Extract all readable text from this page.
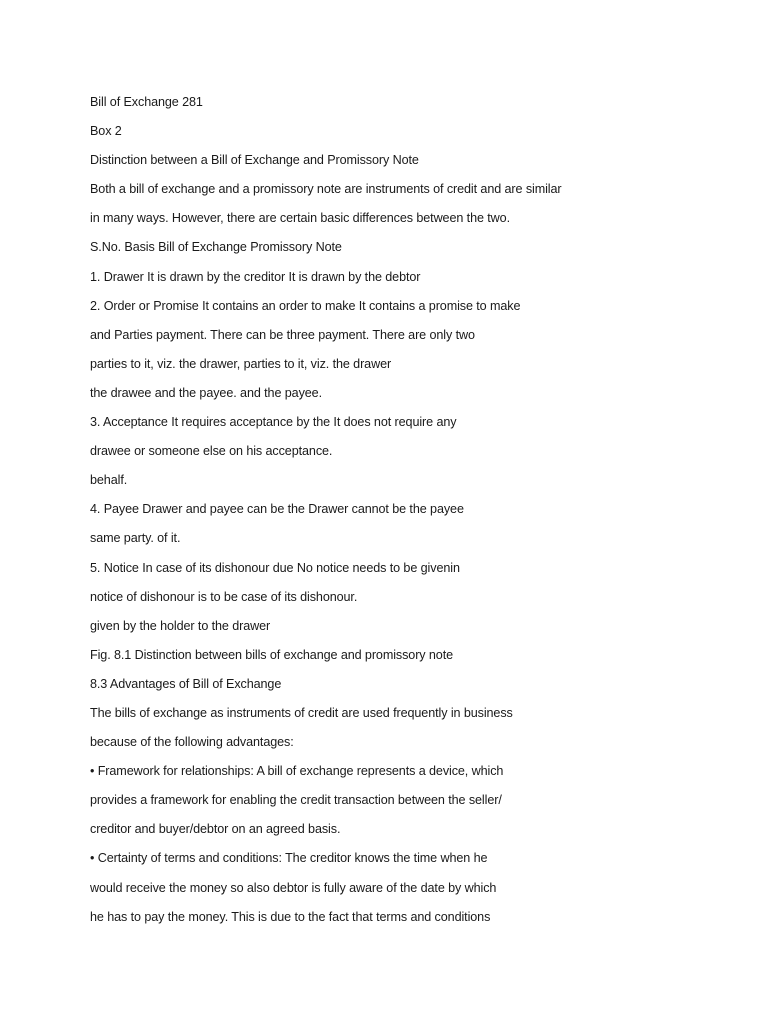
Bill of Exchange 281
Box 2
Distinction between a Bill of Exchange and Promissory Note
Both a bill of exchange and a promissory note are instruments of credit and are similar
in many ways. However, there are certain basic differences between the two.
S.No. Basis Bill of Exchange Promissory Note
1. Drawer It is drawn by the creditor It is drawn by the debtor
2. Order or Promise It contains an order to make It contains a promise to make
and Parties payment. There can be three payment. There are only two
parties to it, viz. the drawer, parties to it, viz. the drawer
the drawee and the payee. and the payee.
3. Acceptance It requires acceptance by the It does not require any
drawee or someone else on his acceptance.
behalf.
4. Payee Drawer and payee can be the Drawer cannot be the payee
same party. of it.
5. Notice In case of its dishonour due No notice needs to be givenin
notice of dishonour is to be case of its dishonour.
given by the holder to the drawer
Fig. 8.1 Distinction between bills of exchange and promissory note
8.3 Advantages of Bill of Exchange
The bills of exchange as instruments of credit are used frequently in business
because of the following advantages:
• Framework for relationships: A bill of exchange represents a device, which
provides a framework for enabling the credit transaction between the seller/
creditor and buyer/debtor on an agreed basis.
• Certainty of terms and conditions: The creditor knows the time when he
would receive the money so also debtor is fully aware of the date by which
he has to pay the money. This is due to the fact that terms and conditions
